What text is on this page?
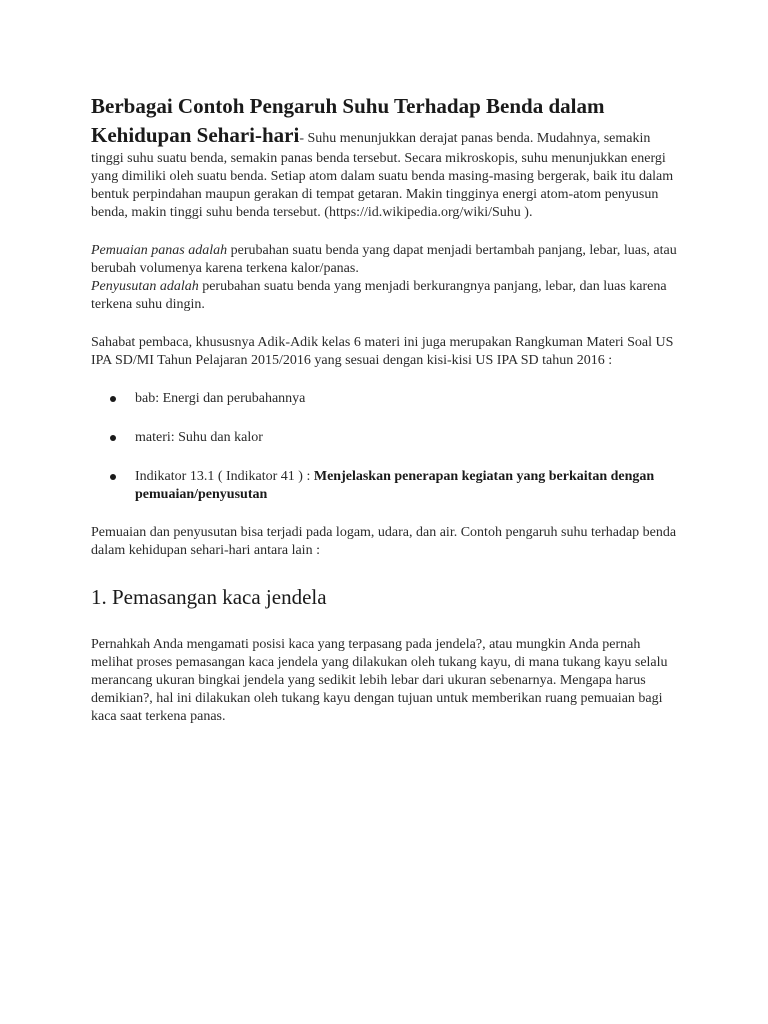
Berbagai Contoh Pengaruh Suhu Terhadap Benda dalam Kehidupan Sehari-hari- Suhu menunjukkan derajat panas benda. Mudahnya, semakin tinggi suhu suatu benda, semakin panas benda tersebut. Secara mikroskopis, suhu menunjukkan energi yang dimiliki oleh suatu benda. Setiap atom dalam suatu benda masing-masing bergerak, baik itu dalam bentuk perpindahan maupun gerakan di tempat getaran. Makin tingginya energi atom-atom penyusun benda, makin tinggi suhu benda tersebut. (https://id.wikipedia.org/wiki/Suhu ).

Pemuaian panas adalah perubahan suatu benda yang dapat menjadi bertambah panjang, lebar, luas, atau berubah volumenya karena terkena kalor/panas.

Penyusutan adalah perubahan suatu benda yang menjadi berkurangnya panjang, lebar, dan luas karena terkena suhu dingin.

Sahabat pembaca, khususnya Adik-Adik kelas 6 materi ini juga merupakan Rangkuman Materi Soal US IPA SD/MI Tahun Pelajaran 2015/2016 yang sesuai dengan kisi-kisi US IPA SD tahun 2016 :

bab: Energi dan perubahannya
materi: Suhu dan kalor
Indikator 13.1 ( Indikator 41 ) : Menjelaskan penerapan kegiatan yang berkaitan dengan pemuaian/penyusutan

Pemuaian dan penyusutan bisa terjadi pada logam, udara, dan air. Contoh pengaruh suhu terhadap benda dalam kehidupan sehari-hari antara lain :

1. Pemasangan kaca jendela

Pernahkah Anda mengamati posisi kaca yang terpasang pada jendela?, atau mungkin Anda pernah melihat proses pemasangan kaca jendela yang dilakukan oleh tukang kayu, di mana tukang kayu selalu merancang ukuran bingkai jendela yang sedikit lebih lebar dari ukuran sebenarnya. Mengapa harus demikian?, hal ini dilakukan oleh tukang kayu dengan tujuan untuk memberikan ruang pemuaian bagi kaca saat terkena panas.
